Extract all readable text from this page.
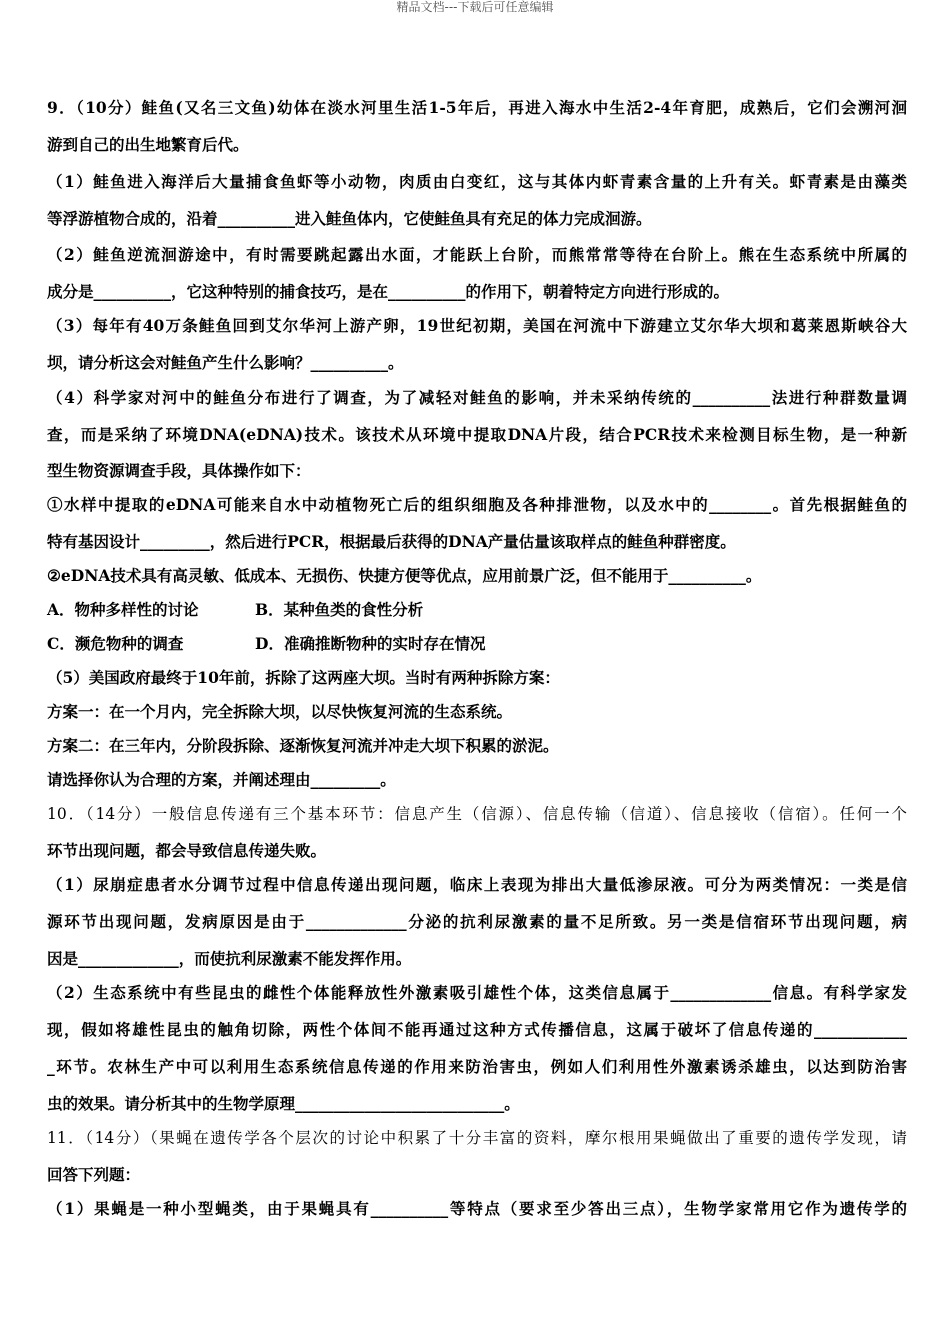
精品文档---下载后可任意编辑
9．（10分）鲑鱼(又名三文鱼)幼体在淡水河里生活1-5年后，再进入海水中生活2-4年育肥，成熟后，它们会溯河洄
游到自己的出生地繁育后代。
（1）鲑鱼进入海洋后大量捕食鱼虾等小动物，肉质由白变红，这与其体内虾青素含量的上升有关。虾青素是由藻类
等浮游植物合成的，沿着__________进入鲑鱼体内，它使鲑鱼具有充足的体力完成洄游。
（2）鲑鱼逆流洄游途中，有时需要跳起露出水面，才能跃上台阶，而熊常常等待在台阶上。熊在生态系统中所属的
成分是__________，它这种特别的捕食技巧，是在__________的作用下，朝着特定方向进行形成的。
（3）每年有40万条鲑鱼回到艾尔华河上游产卵，19世纪初期，美国在河流中下游建立艾尔华大坝和葛莱恩斯峡谷大
坝，请分析这会对鲑鱼产生什么影响？__________。
（4）科学家对河中的鲑鱼分布进行了调查，为了减轻对鲑鱼的影响，并未采纳传统的__________法进行种群数量调
查，而是采纳了环境DNA(eDNA)技术。该技术从环境中提取DNA片段，结合PCR技术来检测目标生物，是一种新
型生物资源调查手段，具体操作如下：
①水样中提取的eDNA可能来自水中动植物死亡后的组织细胞及各种排泄物，以及水中的________。首先根据鲑鱼的
特有基因设计_________，然后进行PCR，根据最后获得的DNA产量估量该取样点的鲑鱼种群密度。
②eDNA技术具有高灵敏、低成本、无损伤、快捷方便等优点，应用前景广泛，但不能用于__________。
A．物种多样性的讨论	B．某种鱼类的食性分析
C．濒危物种的调查	D．准确推断物种的实时存在情况
（5）美国政府最终于10年前，拆除了这两座大坝。当时有两种拆除方案：
方案一：在一个月内，完全拆除大坝，以尽快恢复河流的生态系统。
方案二：在三年内，分阶段拆除、逐渐恢复河流并冲走大坝下积累的淤泥。
请选择你认为合理的方案，并阐述理由_________。
10．（14分）一般信息传递有三个基本环节：信息产生（信源）、信息传输（信道）、信息接收（信宿）。任何一个
环节出现问题，都会导致信息传递失败。
（1）尿崩症患者水分调节过程中信息传递出现问题，临床上表现为排出大量低渗尿液。可分为两类情况：一类是信
源环节出现问题，发病原因是由于_____________分泌的抗利尿激素的量不足所致。另一类是信宿环节出现问题，病
因是_____________，而使抗利尿激素不能发挥作用。
（2）生态系统中有些昆虫的雌性个体能释放性外激素吸引雄性个体，这类信息属于_____________信息。有科学家发
现，假如将雄性昆虫的触角切除，两性个体间不能再通过这种方式传播信息，这属于破坏了信息传递的____________
_环节。农林生产中可以利用生态系统信息传递的作用来防治害虫，例如人们利用性外激素诱杀雄虫，以达到防治害
虫的效果。请分析其中的生物学原理___________________________。
11．（14分）（果蝇在遗传学各个层次的讨论中积累了十分丰富的资料，摩尔根用果蝇做出了重要的遗传学发现，请
回答下列题：
（1）果蝇是一种小型蝇类，由于果蝇具有__________等特点（要求至少答出三点），生物学家常用它作为遗传学的
